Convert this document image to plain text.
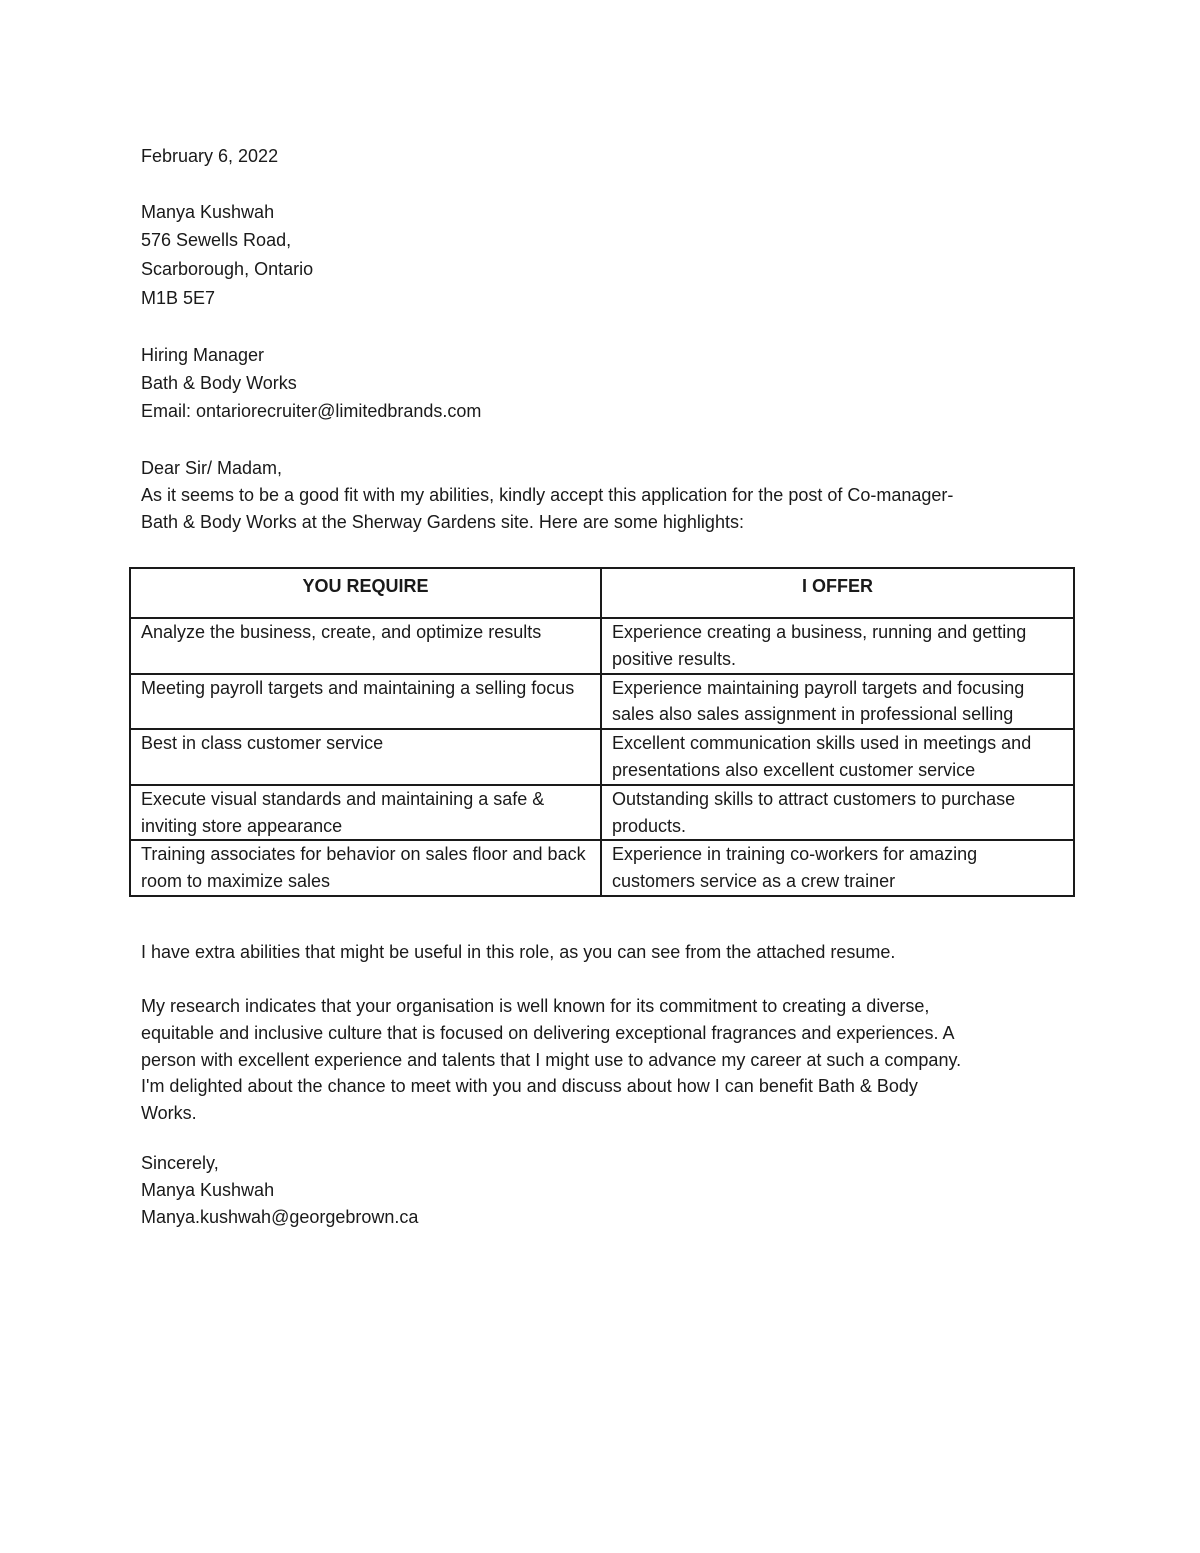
February 6, 2022
Manya Kushwah
576 Sewells Road,
Scarborough, Ontario
M1B 5E7
Hiring Manager
Bath & Body Works
Email: ontariorecruiter@limitedbrands.com
Dear Sir/ Madam,
As it seems to be a good fit with my abilities, kindly accept this application for the post of Co-manager-
Bath & Body Works at the Sherway Gardens site. Here are some highlights:
YOU REQUIRE	I OFFER
Analyze the business, create, and optimize results	Experience creating a business, running and getting positive results.
Meeting payroll targets and maintaining a selling focus	Experience maintaining payroll targets and focusing sales also sales assignment in professional selling
Best in class customer service	Excellent communication skills used in meetings and presentations also excellent customer service
Execute visual standards and maintaining a safe & inviting store appearance	Outstanding skills to attract customers to purchase products.
Training associates for behavior on sales floor and back room to maximize sales	Experience in training co-workers for amazing customers service as a crew trainer
I have extra abilities that might be useful in this role, as you can see from the attached resume.
My research indicates that your organisation is well known for its commitment to creating a diverse,
equitable and inclusive culture that is focused on delivering exceptional fragrances and experiences. A
person with excellent experience and talents that I might use to advance my career at such a company.
I'm delighted about the chance to meet with you and discuss about how I can benefit Bath & Body
Works.
Sincerely,
Manya Kushwah
Manya.kushwah@georgebrown.ca
